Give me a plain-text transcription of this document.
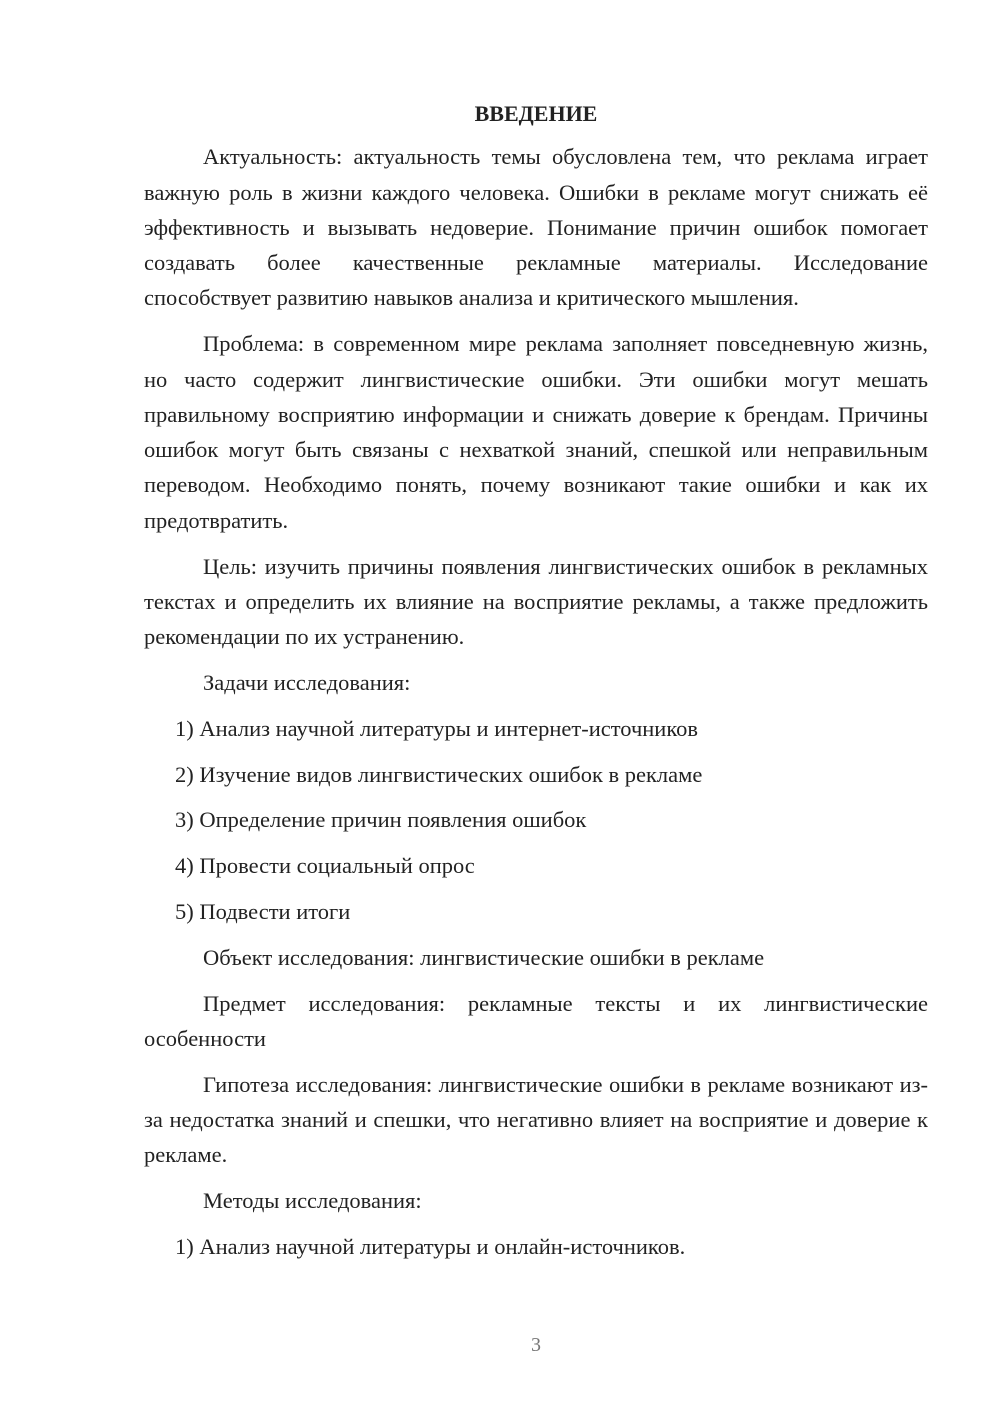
ВВЕДЕНИЕ

Актуальность: актуальность темы обусловлена тем, что реклама играет важную роль в жизни каждого человека. Ошибки в рекламе могут снижать её эффективность и вызывать недоверие. Понимание причин ошибок помогает создавать более качественные рекламные материалы. Исследование способствует развитию навыков анализа и критического мышления.

Проблема: в современном мире реклама заполняет повседневную жизнь, но часто содержит лингвистические ошибки. Эти ошибки могут мешать правильному восприятию информации и снижать доверие к брендам. Причины ошибок могут быть связаны с нехваткой знаний, спешкой или неправильным переводом. Необходимо понять, почему возникают такие ошибки и как их предотвратить.

Цель: изучить причины появления лингвистических ошибок в рекламных текстах и определить их влияние на восприятие рекламы, а также предложить рекомендации по их устранению.

Задачи исследования:

1) Анализ научной литературы и интернет-источников

2) Изучение видов лингвистических ошибок в рекламе

3) Определение причин появления ошибок

4) Провести социальный опрос

5) Подвести итоги

Объект исследования: лингвистические ошибки в рекламе

Предмет исследования: рекламные тексты и их лингвистические особенности

Гипотеза исследования: лингвистические ошибки в рекламе возникают из-за недостатка знаний и спешки, что негативно влияет на восприятие и доверие к рекламе.

Методы исследования:

1) Анализ научной литературы и онлайн-источников.

3
